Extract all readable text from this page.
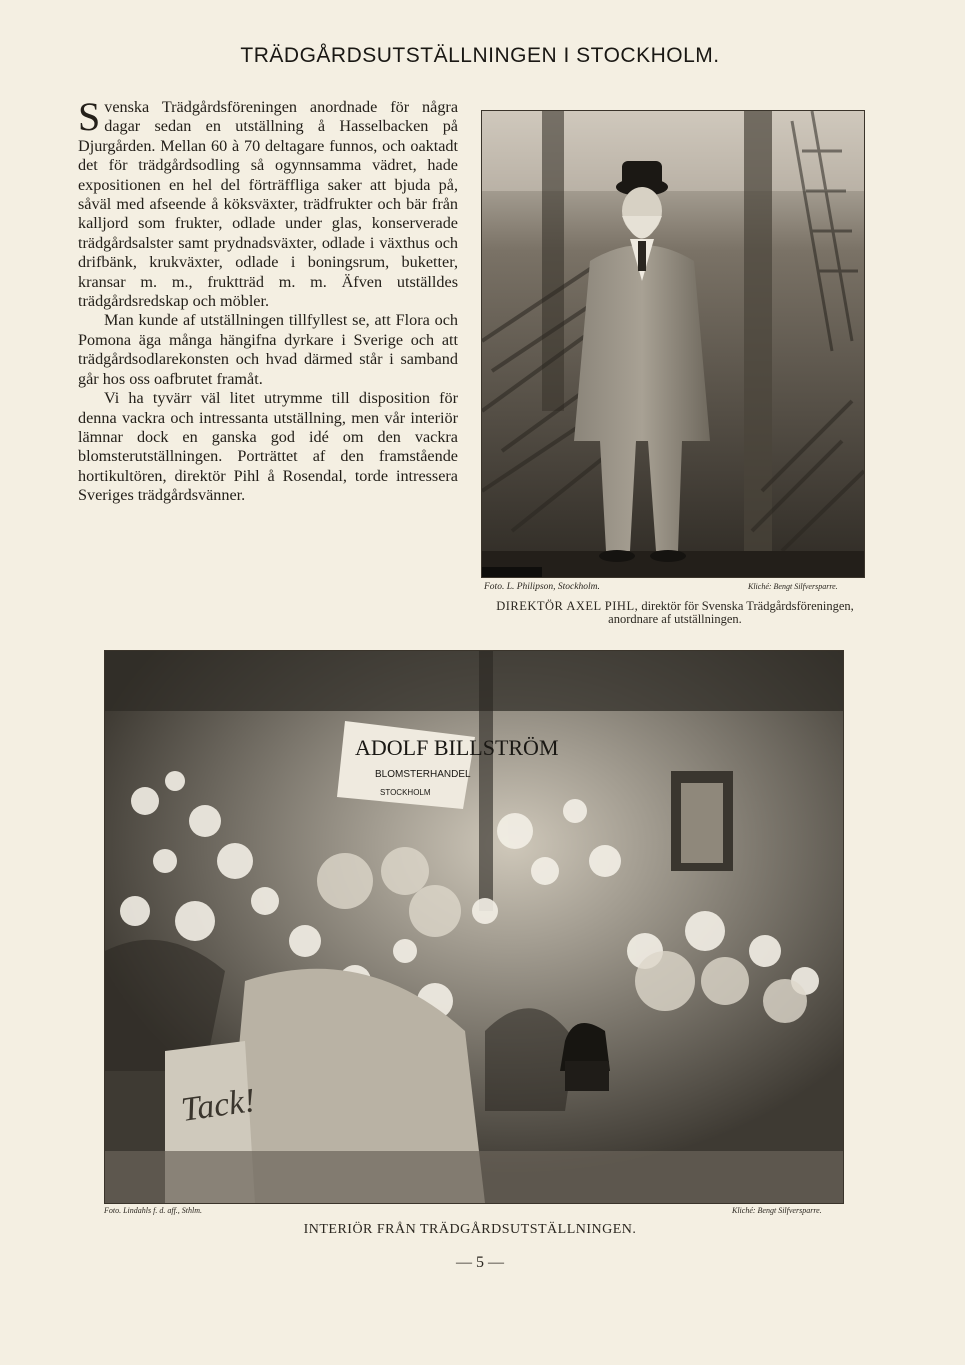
TRÄDGÅRDSUTSTÄLLNINGEN I STOCKHOLM.

Svenska Trädgårdsföreningen anordnade för några dagar sedan en utställning å Hasselbacken på Djurgården. Mellan 60 à 70 deltagare funnos, och oaktadt det för trädgårdsodling så ogynnsamma vädret, hade expositionen en hel del förträffliga saker att bjuda på, såväl med afseende å köksväxter, trädfrukter och bär från kalljord som frukter, odlade under glas, konserverade trädgårdsalster samt prydnadsväxter, odlade i växthus och drifbänk, krukväxter, odlade i boningsrum, buketter, kransar m. m., fruktträd m. m. Äfven utställdes trädgårdsredskap och möbler.

Man kunde af utställningen tillfyllest se, att Flora och Pomona äga många hängifna dyrkare i Sverige och att trädgårdsodlarekonsten och hvad därmed står i samband går hos oss oafbrutet framåt.

Vi ha tyvärr väl litet utrymme till disposition för denna vackra och intressanta utställning, men vår interiör lämnar dock en ganska god idé om den vackra blomsterutställningen. Porträttet af den framstående hortikultören, direktör Pihl å Rosendal, torde intressera Sveriges trädgårdsvänner.

Foto. L. Philipson, Stockholm.	Kliché: Bengt Silfversparre.
DIREKTÖR AXEL PIHL, direktör för Svenska Trädgårdsföreningen, anordnare af utställningen.
ADOLF BILLSTRÖM
BLOMSTERHANDEL
STOCKHOLM
Tack!
Foto. Lindahls f. d. aff., Sthlm.	Kliché: Bengt Silfversparre.
INTERIÖR FRÅN TRÄDGÅRDSUTSTÄLLNINGEN.
— 5 —
